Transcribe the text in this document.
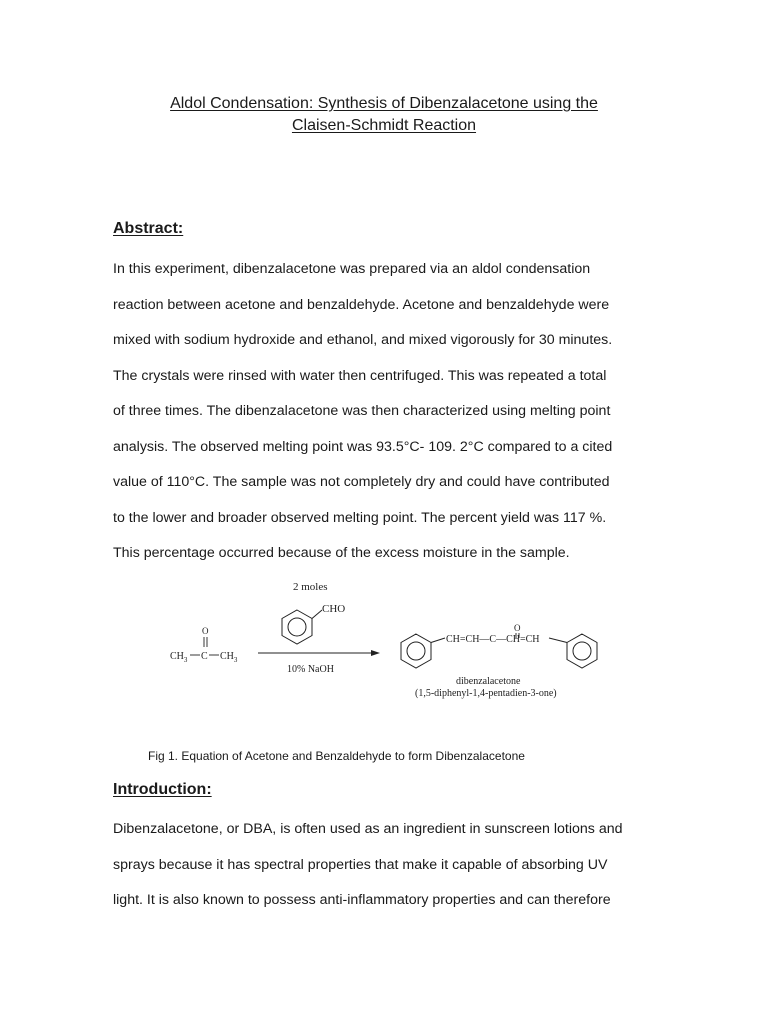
Aldol Condensation: Synthesis of Dibenzalacetone using the
Claisen-Schmidt Reaction
Abstract:
In this experiment, dibenzalacetone was prepared via an aldol condensation
reaction between acetone and benzaldehyde. Acetone and benzaldehyde were
mixed with sodium hydroxide and ethanol, and mixed vigorously for 30 minutes.
The crystals were rinsed with water then centrifuged. This was repeated a total
of three times. The dibenzalacetone was then characterized using melting point
analysis. The observed melting point was 93.5°C- 109. 2°C compared to a cited
value of 110°C. The sample was not completely dry and could have contributed
to the lower and broader observed melting point. The percent yield was 117 %.
This percentage occurred because of the excess moisture in the sample.
2 moles
CHO
10% NaOH
O
$CH_3$ C $CH_3$
CH=CH—C—CH=CH
O
dibenzalacetone
(1,5-diphenyl-1,4-pentadien-3-one)
Fig 1. Equation of Acetone and Benzaldehyde to form Dibenzalacetone
Introduction:
Dibenzalacetone, or DBA, is often used as an ingredient in sunscreen lotions and
sprays because it has spectral properties that make it capable of absorbing UV
light. It is also known to possess anti-inflammatory properties and can therefore
